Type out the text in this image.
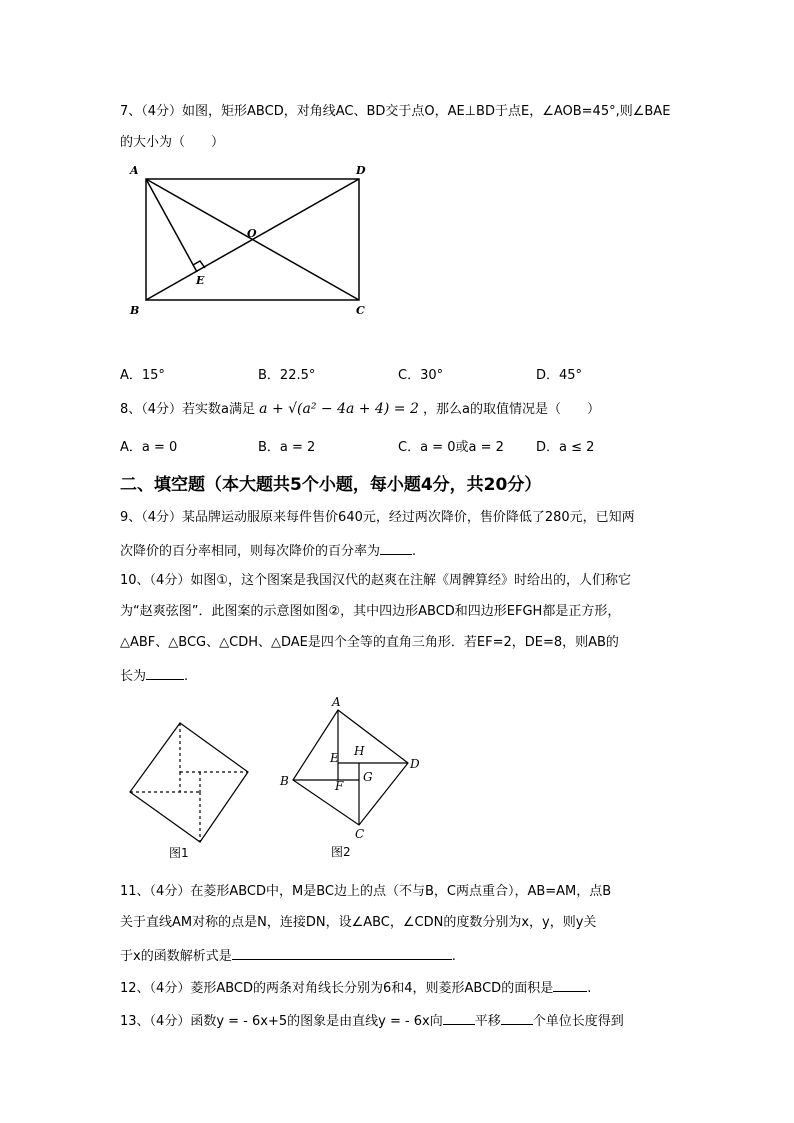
7、（4分）如图，矩形ABCD，对角线AC、BD交于点O，AE⊥BD于点E，∠AOB=45°,则∠BAE
的大小为（　　）
A	D
B	C
O
E
A．15°	B．22.5°	C．30°	D．45°
8、（4分）若实数a满足 a + √(a² − 4a + 4) = 2 ，那么a的取值情况是（　　）
A．a = 0	B．a = 2	C．a = 0或a = 2 D．a ≤ 2
二、填空题（本大题共5个小题，每小题4分，共20分）
9、（4分）某品牌运动服原来每件售价640元，经过两次降价，售价降低了280元，已知两
次降价的百分率相同，则每次降价的百分率为 .
10、（4分）如图①，这个图案是我国汉代的赵爽在注解《周髀算经》时给出的，人们称它
为“赵爽弦图”．此图案的示意图如图②，其中四边形ABCD和四边形EFGH都是正方形，
△ABF、△BCG、△CDH、△DAE是四个全等的直角三角形．若EF=2，DE=8，则AB的
长为	.
图1
A
D
B
C
E H
F
G
图2
11、（4分）在菱形ABCD中，M是BC边上的点（不与B，C两点重合），AB=AM，点B
关于直线AM对称的点是N，连接DN，设∠ABC，∠CDN的度数分别为x，y，则y关
于x的函数解析式是	.
12、（4分）菱形ABCD的两条对角线长分别为6和4，则菱形ABCD的面积是	.
13、（4分）函数y = - 6x+5的图象是由直线y = - 6x向 平移 个单位长度得到
